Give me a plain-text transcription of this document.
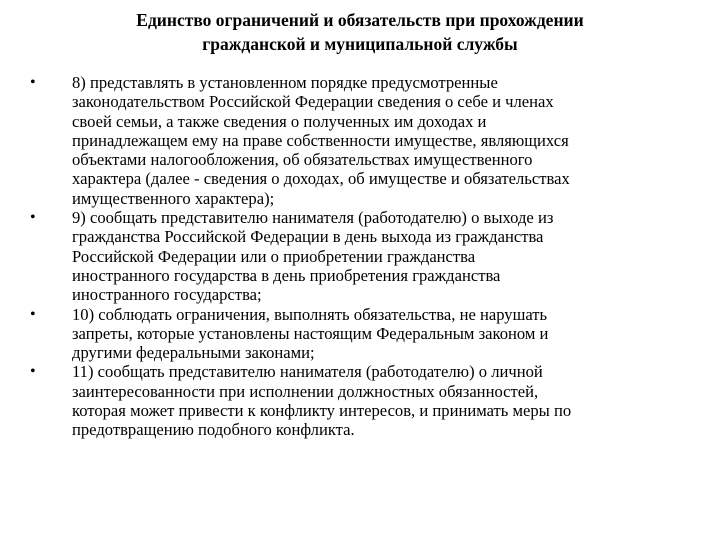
Единство ограничений и обязательств при прохождении
гражданской и муниципальной службы
• 8) представлять в установленном порядке предусмотренные
законодательством Российской Федерации сведения о себе и членах
своей семьи, а также сведения о полученных им доходах и
принадлежащем ему на праве собственности имуществе, являющихся
объектами налогообложения, об обязательствах имущественного
характера (далее - сведения о доходах, об имуществе и обязательствах
имущественного характера);
• 9) сообщать представителю нанимателя (работодателю) о выходе из
гражданства Российской Федерации в день выхода из гражданства
Российской Федерации или о приобретении гражданства
иностранного государства в день приобретения гражданства
иностранного государства;
• 10) соблюдать ограничения, выполнять обязательства, не нарушать
запреты, которые установлены настоящим Федеральным законом и
другими федеральными законами;
• 11) сообщать представителю нанимателя (работодателю) о личной
заинтересованности при исполнении должностных обязанностей,
которая может привести к конфликту интересов, и принимать меры по
предотвращению подобного конфликта.
